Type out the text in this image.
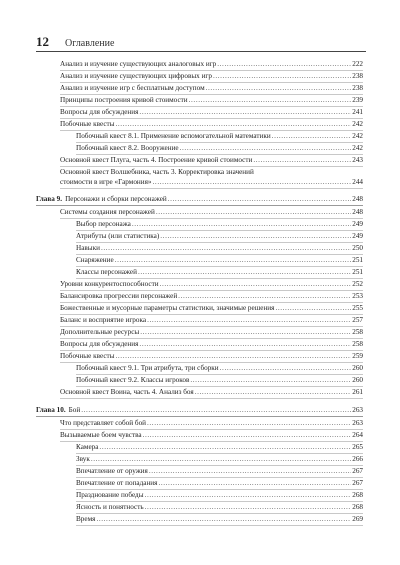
12 Оглавление
Анализ и изучение существующих аналоговых игр .....	222
Анализ и изучение существующих цифровых игр .....	238
Анализ и изучение игр с бесплатным доступом .....	238
Принципы построения кривой стоимости .....	239
Вопросы для обсуждения .....	241
Побочные квесты .....	242
Побочный квест 8.1. Применение вспомогательной математики .....	242
Побочный квест 8.2. Вооружение .....	242
Основной квест Плуга, часть 4. Построение кривой стоимости .....	243
Основной квест Волшебника, часть 3. Корректировка значений
стоимости в игре «Гармония» .....	244
Глава 9. Персонажи и сборки персонажей .....	248
Системы создания персонажей .....	248
Выбор персонажа .....	249
Атрибуты (или статистика) .....	249
Навыки .....	250
Снаряжение .....	251
Классы персонажей .....	251
Уровни конкурентоспособности .....	252
Балансировка прогрессии персонажей .....	253
Божественные и мусорные параметры статистики, значимые решения .....	255
Баланс и восприятие игрока .....	257
Дополнительные ресурсы .....	258
Вопросы для обсуждения .....	258
Побочные квесты .....	259
Побочный квест 9.1. Три атрибута, три сборки .....	260
Побочный квест 9.2. Классы игроков .....	260
Основной квест Воина, часть 4. Анализ боя .....	261
Глава 10. Бой .....	263
Что представляет собой бой .....	263
Вызываемые боем чувства .....	264
Камера .....	265
Звук .....	266
Впечатление от оружия .....	267
Впечатление от попадания .....	267
Празднование победы .....	268
Ясность и понятность .....	268
Время .....	269
